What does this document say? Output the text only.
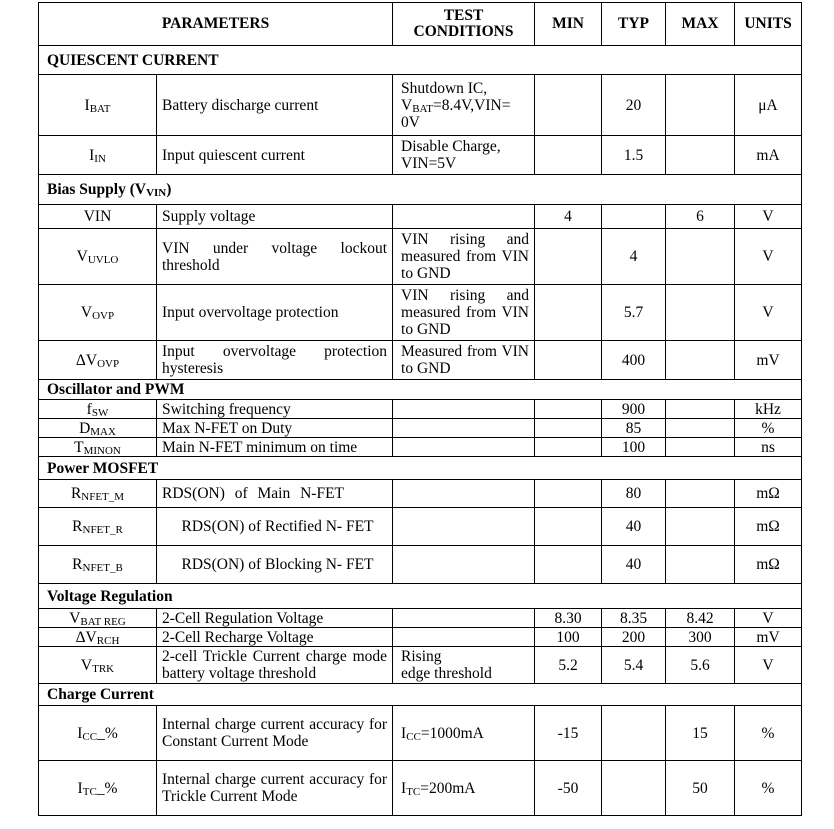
PARAMETERS		TEST
CONDITIONS	MIN	TYP	MAX	UNITS
QUIESCENT CURRENT						
$I_{BAT}$	Battery discharge current	Shutdown IC,
$V_{BAT}=8.4V,VIN=$
0V		20		μA
$I_{IN}$	Input quiescent current	Disable Charge,
VIN=5V		1.5		mA
Bias Supply $(V_{VIN})$						
VIN	Supply voltage		4		6	V
$V_{UVLO}$	VIN under voltage lockout threshold	VIN rising and measured from VIN to GND		4		V
$V_{OVP}$	Input overvoltage protection	VIN rising and measured from VIN to GND		5.7		V
$\Delta V_{OVP}$	Input overvoltage protection hysteresis	Measured from VIN to GND		400		mV
Oscillator and PWM						
$f_{SW}$	Switching frequency			900		kHz
$D_{MAX}$	Max N-FET on Duty			85		%
$T_{MINON}$	Main N-FET minimum on time			100		ns
Power MOSFET						
$R_{NFET\_M}$	RDS(ON) of Main N-FET			80		mΩ
$R_{NFET\_R}$	RDS(ON) of Rectified N- FET			40		mΩ
$R_{NFET\_B}$	RDS(ON) of Blocking N- FET			40		mΩ
Voltage Regulation						
$V_{BAT REG}$	2-Cell Regulation Voltage		8.30	8.35	8.42	V
$\Delta V_{RCH}$	2-Cell Recharge Voltage		100	200	300	mV
$V_{TRK}$	2-cell Trickle Current charge mode battery voltage threshold	Rising edge threshold	5.2	5.4	5.6	V
Charge Current						
$I_{CC}\_\%$	Internal charge current accuracy for Constant Current Mode	$I_{CC}=1000mA$	-15		15	%
$I_{TC}\_\%$	Internal charge current accuracy for Trickle Current Mode	$I_{TC}=200mA$	-50		50	%
